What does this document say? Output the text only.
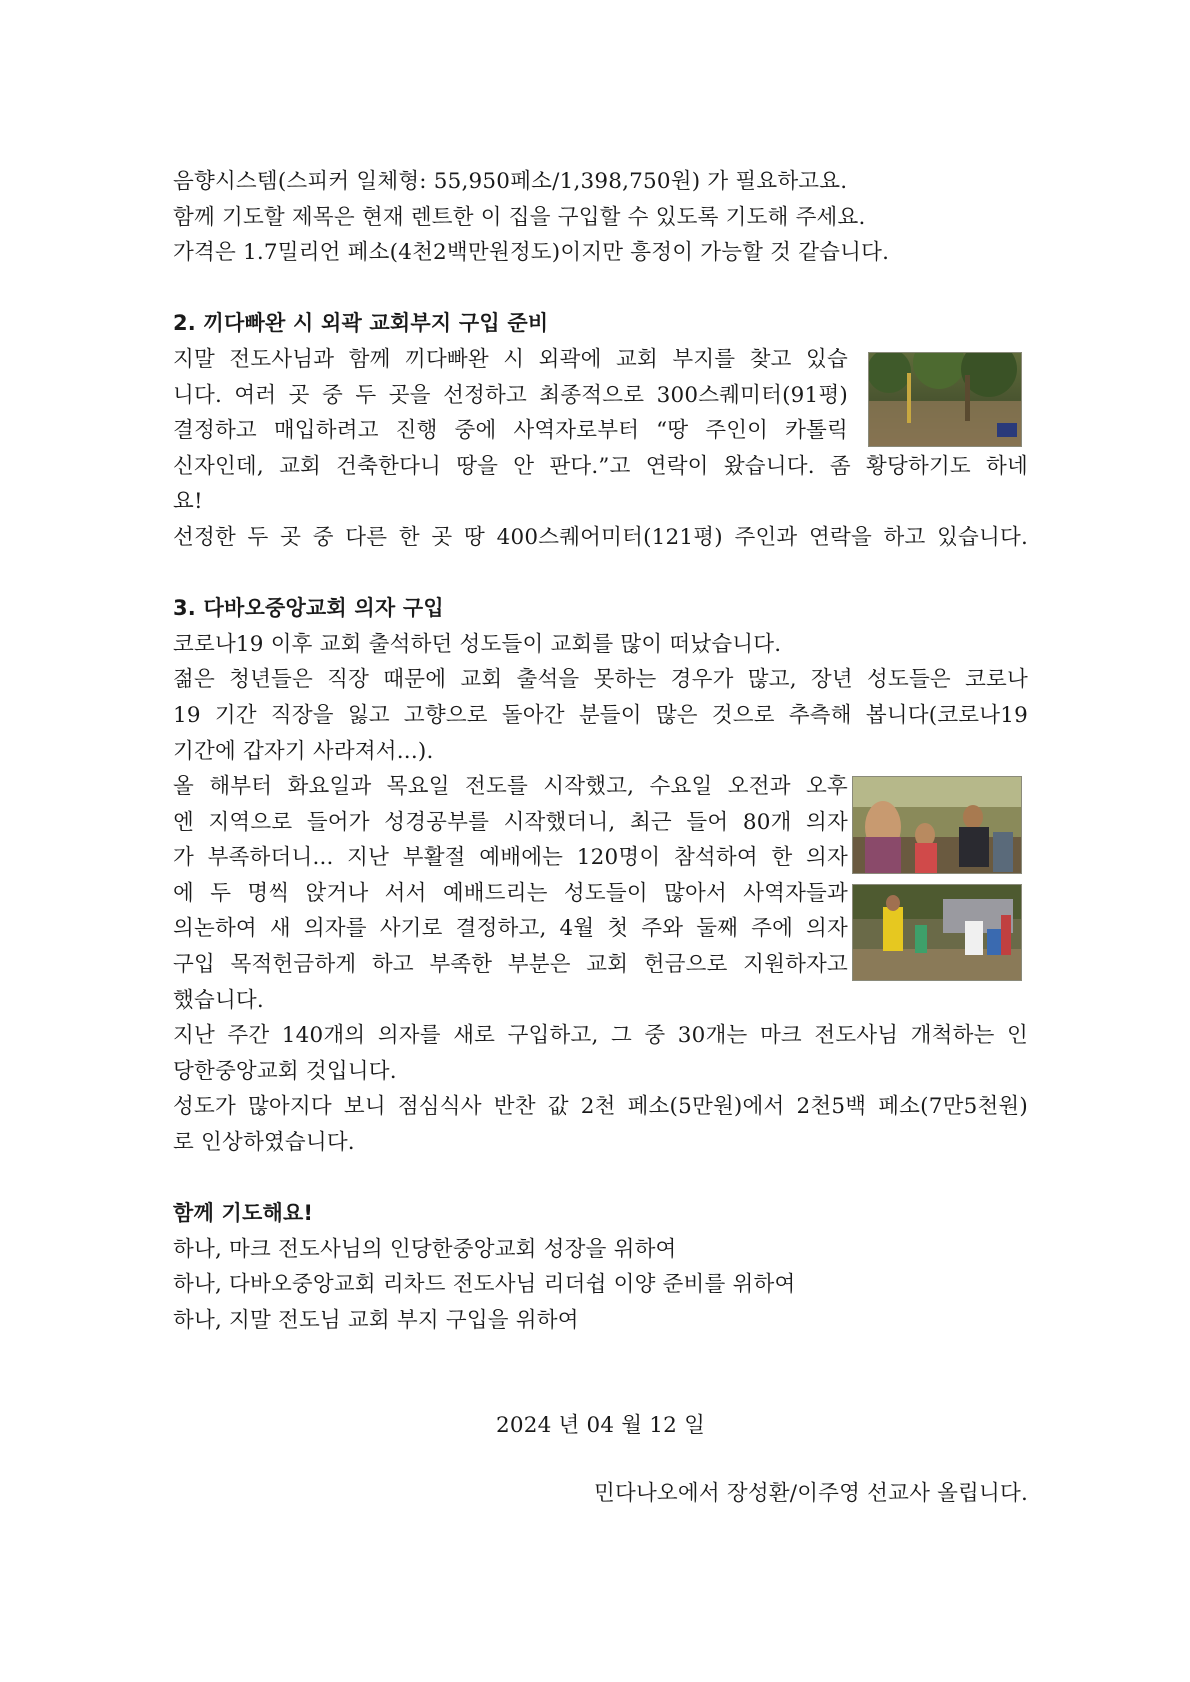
음향시스템(스피커 일체형: 55,950페소/1,398,750원) 가 필요하고요.
함께 기도할 제목은 현재 렌트한 이 집을 구입할 수 있도록 기도해 주세요.
가격은 1.7밀리언 페소(4천2백만원정도)이지만 흥정이 가능할 것 같습니다.
2. 끼다빠완 시 외곽 교회부지 구입 준비
지말 전도사님과 함께 끼다빠완 시 외곽에 교회 부지를 찾고 있습
니다. 여러 곳 중 두 곳을 선정하고 최종적으로 300스퀘미터(91평)
결정하고 매입하려고 진행 중에 사역자로부터 “땅 주인이 카톨릭
신자인데, 교회 건축한다니 땅을 안 판다.”고 연락이 왔습니다. 좀 황당하기도 하네
요!
선정한 두 곳 중 다른 한 곳 땅 400스퀘어미터(121평) 주인과 연락을 하고 있습니다.
3. 다바오중앙교회 의자 구입
코로나19 이후 교회 출석하던 성도들이 교회를 많이 떠났습니다.
젊은 청년들은 직장 때문에 교회 출석을 못하는 경우가 많고, 장년 성도들은 코로나
19 기간 직장을 잃고 고향으로 돌아간 분들이 많은 것으로 추측해 봅니다(코로나19
기간에 갑자기 사라져서...).
올 해부터 화요일과 목요일 전도를 시작했고, 수요일 오전과 오후
엔 지역으로 들어가 성경공부를 시작했더니, 최근 들어 80개 의자
가 부족하더니... 지난 부활절 예배에는 120명이 참석하여 한 의자
에 두 명씩 앉거나 서서 예배드리는 성도들이 많아서 사역자들과
의논하여 새 의자를 사기로 결정하고, 4월 첫 주와 둘째 주에 의자
구입 목적헌금하게 하고 부족한 부분은 교회 헌금으로 지원하자고
했습니다.
지난 주간 140개의 의자를 새로 구입하고, 그 중 30개는 마크 전도사님 개척하는 인
당한중앙교회 것입니다.
성도가 많아지다 보니 점심식사 반찬 값 2천 페소(5만원)에서 2천5백 페소(7만5천원)
로 인상하였습니다.
함께 기도해요!
하나, 마크 전도사님의 인당한중앙교회 성장을 위하여
하나, 다바오중앙교회 리차드 전도사님 리더쉽 이양 준비를 위하여
하나, 지말 전도님 교회 부지 구입을 위하여
2024 년 04 월 12 일
민다나오에서 장성환/이주영 선교사 올립니다.
